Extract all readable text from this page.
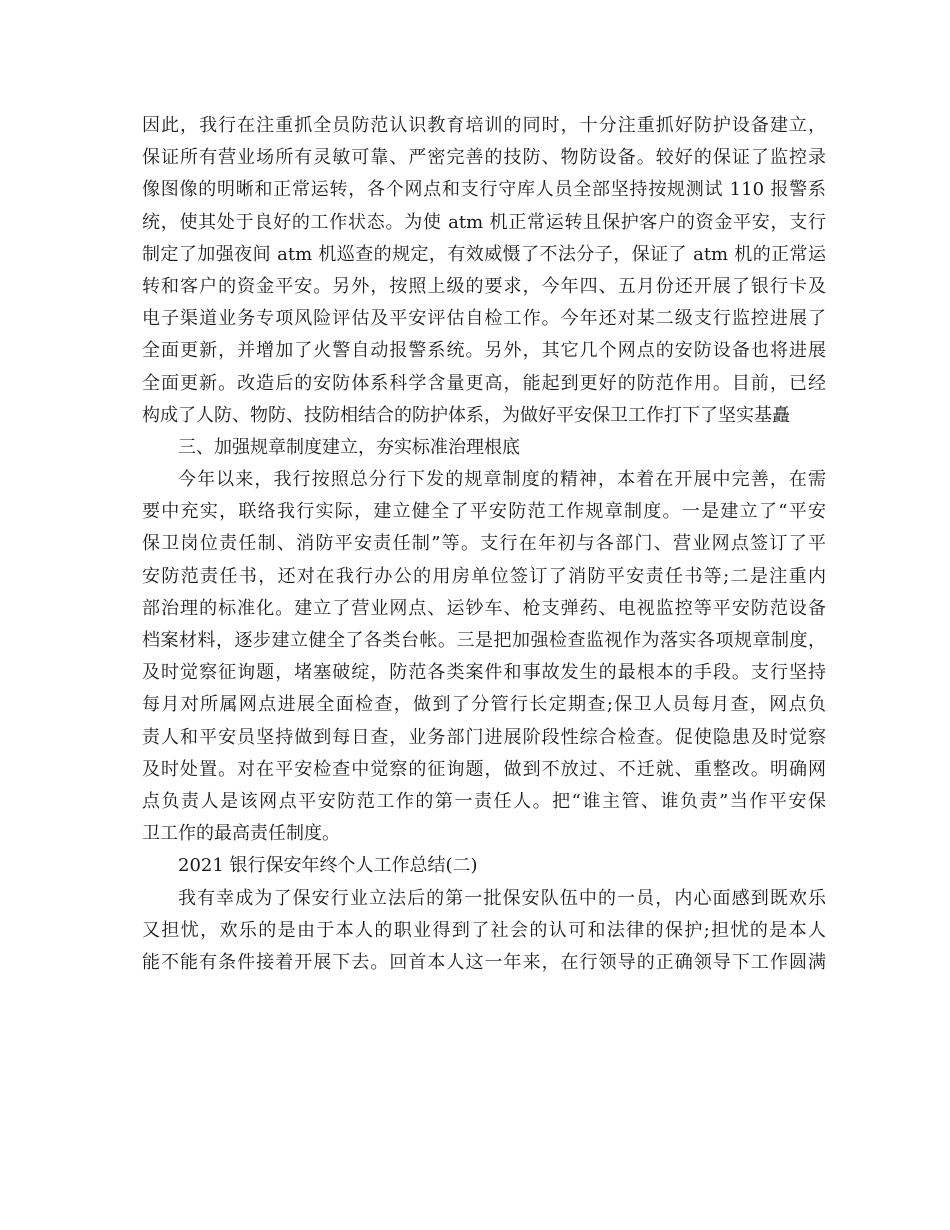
因此，我行在注重抓全员防范认识教育培训的同时，十分注重抓好防护设备建立，
保证所有营业场所有灵敏可靠、严密完善的技防、物防设备。较好的保证了监控录
像图像的明晰和正常运转，各个网点和支行守库人员全部坚持按规测试 110 报警系
统，使其处于良好的工作状态。为使 atm 机正常运转且保护客户的资金平安，支行
制定了加强夜间 atm 机巡查的规定，有效威慑了不法分子，保证了 atm 机的正常运
转和客户的资金平安。另外，按照上级的要求，今年四、五月份还开展了银行卡及
电子渠道业务专项风险评估及平安评估自检工作。今年还对某二级支行监控进展了
全面更新，并增加了火警自动报警系统。另外，其它几个网点的安防设备也将进展
全面更新。改造后的安防体系科学含量更高，能起到更好的防范作用。目前，已经
构成了人防、物防、技防相结合的防护体系，为做好平安保卫工作打下了坚实基矗
三、加强规章制度建立，夯实标准治理根底
今年以来，我行按照总分行下发的规章制度的精神，本着在开展中完善，在需
要中充实，联络我行实际，建立健全了平安防范工作规章制度。一是建立了“平安
保卫岗位责任制、消防平安责任制”等。支行在年初与各部门、营业网点签订了平
安防范责任书，还对在我行办公的用房单位签订了消防平安责任书等;二是注重内
部治理的标准化。建立了营业网点、运钞车、枪支弹药、电视监控等平安防范设备
档案材料，逐步建立健全了各类台帐。三是把加强检查监视作为落实各项规章制度，
及时觉察征询题，堵塞破绽，防范各类案件和事故发生的最根本的手段。支行坚持
每月对所属网点进展全面检查，做到了分管行长定期查;保卫人员每月查，网点负
责人和平安员坚持做到每日查，业务部门进展阶段性综合检查。促使隐患及时觉察
及时处置。对在平安检查中觉察的征询题，做到不放过、不迁就、重整改。明确网
点负责人是该网点平安防范工作的第一责任人。把“谁主管、谁负责”当作平安保
卫工作的最高责任制度。
2021 银行保安年终个人工作总结(二)
我有幸成为了保安行业立法后的第一批保安队伍中的一员，内心面感到既欢乐
又担忧，欢乐的是由于本人的职业得到了社会的认可和法律的保护;担忧的是本人
能不能有条件接着开展下去。回首本人这一年来，在行领导的正确领导下工作圆满
